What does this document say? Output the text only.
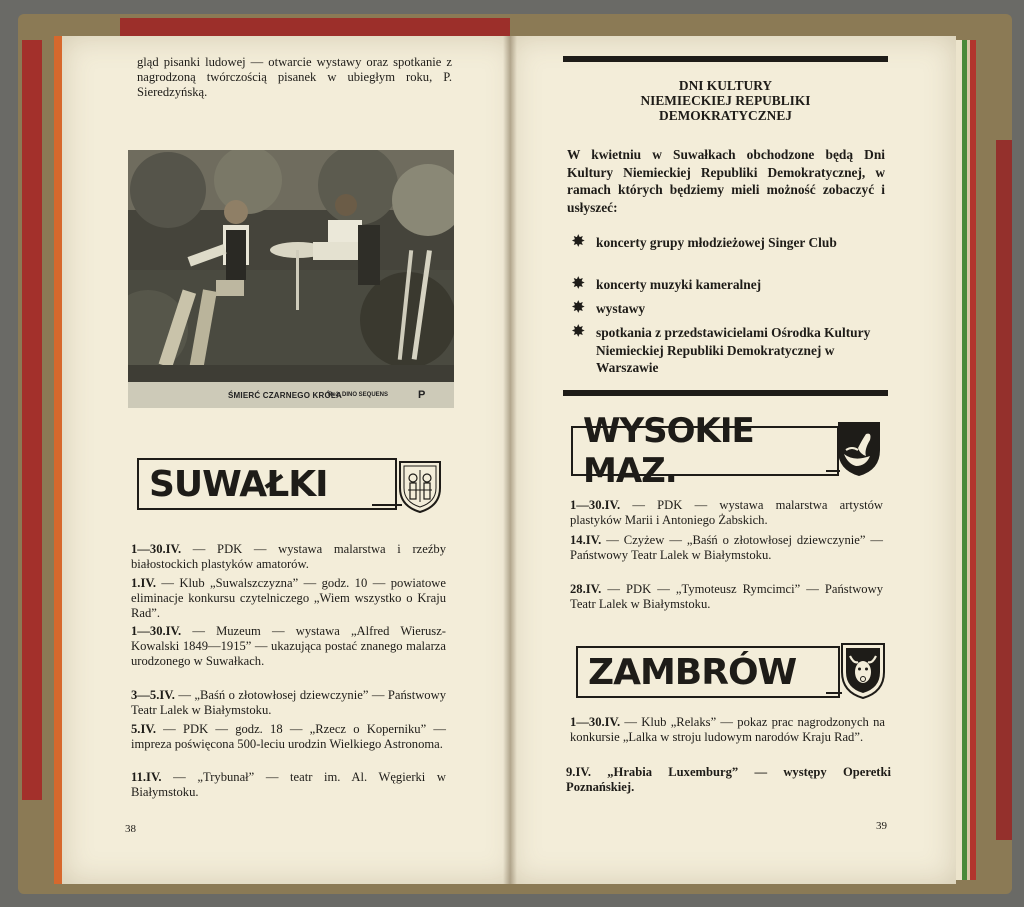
gląd pisanki ludowej — otwarcie wystawy oraz spotkanie z nagrodzoną twórczością pisanek w ubiegłym roku, P. Sieredzyńską.
ŚMIERĆ CZARNEGO KRÓLA
Reż. DINO SEQUENS	P
SUWAŁKI
1—30.IV. — PDK — wystawa malarstwa i rzeźby białostockich plastyków amatorów.
1.IV. — Klub „Suwalszczyzna” — godz. 10 — powiatowe eliminacje konkursu czytelniczego „Wiem wszystko o Kraju Rad”.
1—30.IV. — Muzeum — wystawa „Alfred Wierusz-Kowalski 1849—1915” — ukazująca postać znanego malarza urodzonego w Suwałkach.
3—5.IV. — „Baśń o złotowłosej dziewczynie” — Państwowy Teatr Lalek w Białymstoku.
5.IV. — PDK — godz. 18 — „Rzecz o Koperniku” — impreza poświęcona 500-leciu urodzin Wielkiego Astronoma.
11.IV. — „Trybunał” — teatr im. Al. Węgierki w Białymstoku.
38
DNI KULTURY
NIEMIECKIEJ REPUBLIKI
DEMOKRATYCZNEJ
W kwietniu w Suwałkach obchodzone będą Dni Kultury Niemieckiej Republiki Demokratycznej, w ramach których będziemy mieli możność zobaczyć i usłyszeć:
✸ koncerty grupy młodzieżowej Singer Club
✸ koncerty muzyki kameralnej
✸ wystawy
✸ spotkania z przedstawicielami Ośrodka Kultury Niemieckiej Republiki Demokratycznej w Warszawie
WYSOKIE MAZ.
1—30.IV. — PDK — wystawa malarstwa artystów plastyków Marii i Antoniego Żabskich.
14.IV. — Czyżew — „Baśń o złotowłosej dziewczynie” — Państwowy Teatr Lalek w Białymstoku.
28.IV. — PDK — „Tymoteusz Rymcimci” — Państwowy Teatr Lalek w Białymstoku.
ZAMBRÓW
1—30.IV. — Klub „Relaks” — pokaz prac nagrodzonych na konkursie „Lalka w stroju ludowym narodów Kraju Rad”.
9.IV. „Hrabia Luxemburg” — występy Operetki Poznańskiej.
39
